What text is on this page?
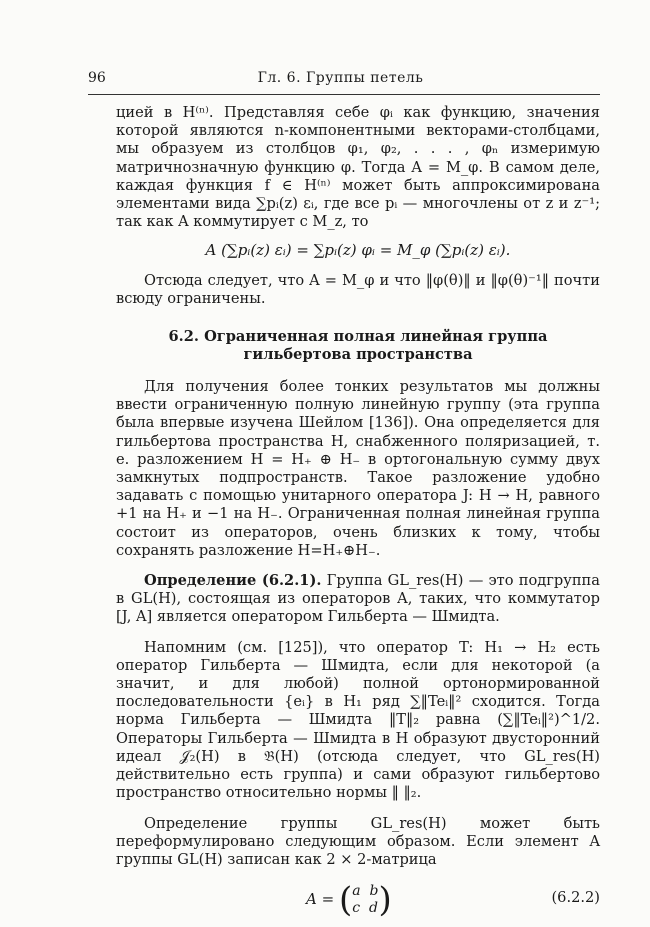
96	Гл. 6. Группы петель

цией в H⁽ⁿ⁾. Представляя себе φᵢ как функцию, значения которой являются n-компонентными векторами-столбцами, мы образуем из столбцов φ₁, φ₂, . . . , φₙ измеримую матричнозначную функцию φ. Тогда A = M_φ. В самом деле, каждая функция f ∈ H⁽ⁿ⁾ может быть аппроксимирована элементами вида ∑pᵢ(z) εᵢ, где все pᵢ — многочлены от z и z⁻¹; так как A коммутирует с M_z, то

A (∑pᵢ(z) εᵢ) = ∑pᵢ(z) φᵢ = M_φ (∑pᵢ(z) εᵢ).

Отсюда следует, что A = M_φ и что ‖φ(θ)‖ и ‖φ(θ)⁻¹‖ почти всюду ограничены.

6.2. Ограниченная полная линейная группа
гильбертова пространства

Для получения более тонких результатов мы должны ввести ограниченную полную линейную группу (эта группа была впервые изучена Шейлом [136]). Она определяется для гильбертова пространства H, снабженного поляризацией, т. е. разложением H = H₊ ⊕ H₋ в ортогональную сумму двух замкнутых подпространств. Такое разложение удобно задавать с помощью унитарного оператора J: H → H, равного +1 на H₊ и −1 на H₋. Ограниченная полная линейная группа состоит из операторов, очень близких к тому, чтобы сохранять разложение H=H₊⊕H₋.

Определение (6.2.1). Группа GL_res(H) — это подгруппа в GL(H), состоящая из операторов A, таких, что коммутатор [J, A] является оператором Гильберта — Шмидта.

Напомним (см. [125]), что оператор T: H₁ → H₂ есть оператор Гильберта — Шмидта, если для некоторой (а значит, и для любой) полной ортонормированной последовательности {eᵢ} в H₁ ряд ∑‖Teᵢ‖² сходится. Тогда норма Гильберта — Шмидта ‖T‖₂ равна (∑‖Teᵢ‖²)^1/2. Операторы Гильберта — Шмидта в H образуют двусторонний идеал 𝒥₂(H) в 𝔅(H) (отсюда следует, что GL_res(H) действительно есть группа) и сами образуют гильбертово пространство относительно нормы ‖ ‖₂.

Определение группы GL_res(H) может быть переформулировано следующим образом. Если элемент A группы GL(H) записан как 2 × 2-матрица

A = (a b
c d)	(6.2.2)
